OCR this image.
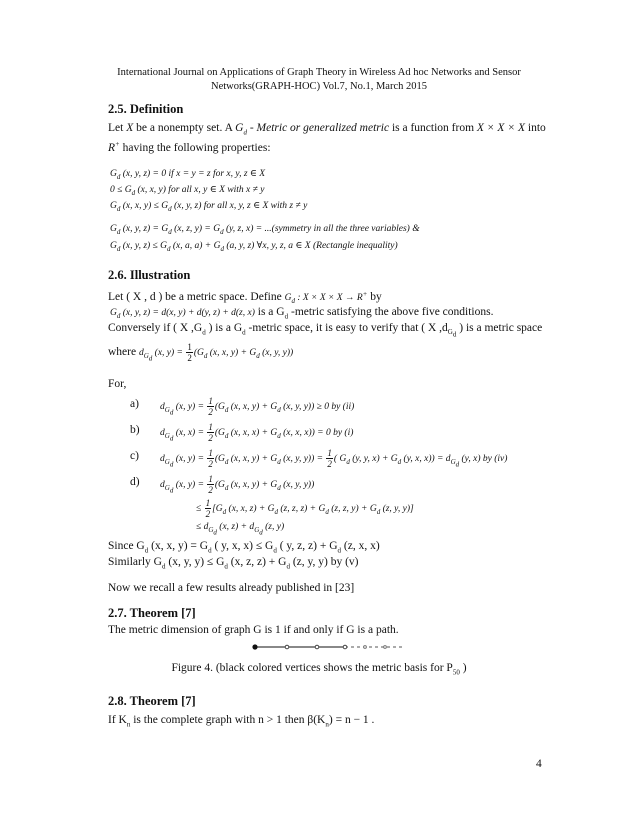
International Journal on Applications of Graph Theory in Wireless Ad hoc Networks and Sensor
Networks(GRAPH-HOC) Vol.7, No.1, March 2015
2.5. Definition
Let X be a nonempty set. A $G_d$ - Metric or generalized metric is a function from X × X × X into
R+ having the following properties:
$G_d$ (x, y, z) = 0 if x = y = z for x, y, z ∈ X
$0 \le G_d$ (x, x, y) for all x, y ∈ X with x ≠ y
$G_d$ (x, x, $y) \le G_d$ (x, y, z) for all x, y, z ∈ X with z ≠ y
$G_d$ (x, y, $z) = G_d$ (x, z, $y) = G_d$ (y, z, x) = ...(symmetry in all the three variables) &
$G_d$ (x, y, $z) \le G_d$ (x, a, $a) + G_d$ (a, y, z) ∀x, y, z, a ∈ X (Rectangle inequality)
2.6. Illustration
Let ( X , d ) be a metric space. Define $G_d$ : X × X × X → R+ by
$G_d$ (x, y, z) = d(x, y) + d(y, z) + d(z, x) is a $G_d$ -metric satisfying the above five conditions.
Conversely if ( X $,G_d$ ) is a $G_d$ -metric space, it is easy to verify that ( X $,d_{G_d}$ ) is a metric space
where $d_{G_d}$ (x, $y) = \frac{1}{2} (G_d$ (x, x, $y) + G_d$ (x, y, y))
For,
a) $d_{G_d}$ (x, $y) = \frac{1}{2} (G_d$ (x, x, $y) + G_d$ (x, y, y)) ≥ 0 by (ii)
b) $d_{G_d}$ (x, $x) = \frac{1}{2} (G_d$ (x, x, $x) + G_d$ (x, x, x)) = 0 by (i)
c) $d_{G_d}$ (x, $y) = \frac{1}{2} (G_d$ (x, x, $y) + G_d$ (x, y, $y)) = \frac{1}{2}$ ( $G_d$ (y, y, $x) + G_d$ (y, x, $x)) = d_{G_d}$ (y, x) by (iv)
d) $d_{G_d}$ (x, $y) = \frac{1}{2} (G_d$ (x, x, $y) + G_d$ (x, y, y))
≤ $\frac{1}{2} [G_d$ (x, x, $z) + G_d$ (z, z, $z) + G_d$ (z, z, $y) + G_d$ (z, y, y)]
≤ $d_{G_d}$ (x, $z) + d_{G_d}$ (z, y)
Since $G_d$ (x, x, $y) = G_d$ ( y, x, $x) \le G_d$ ( y, z, $z) + G_d$ (z, x, x)
Similarly $G_d$ (x, y, $y) \le G_d$ (x, z, $z) + G_d$ (z, y, y) by (v)
Now we recall a few results already published in [23]
2.7. Theorem [7]
The metric dimension of graph G is 1 if and only if G is a path.
Figure 4. (black colored vertices shows the metric basis for $P_{50}$ )
2.8. Theorem [7]
If $K_n$ is the complete graph with n > 1 then $\beta(K_n) = n - 1$ .
4
